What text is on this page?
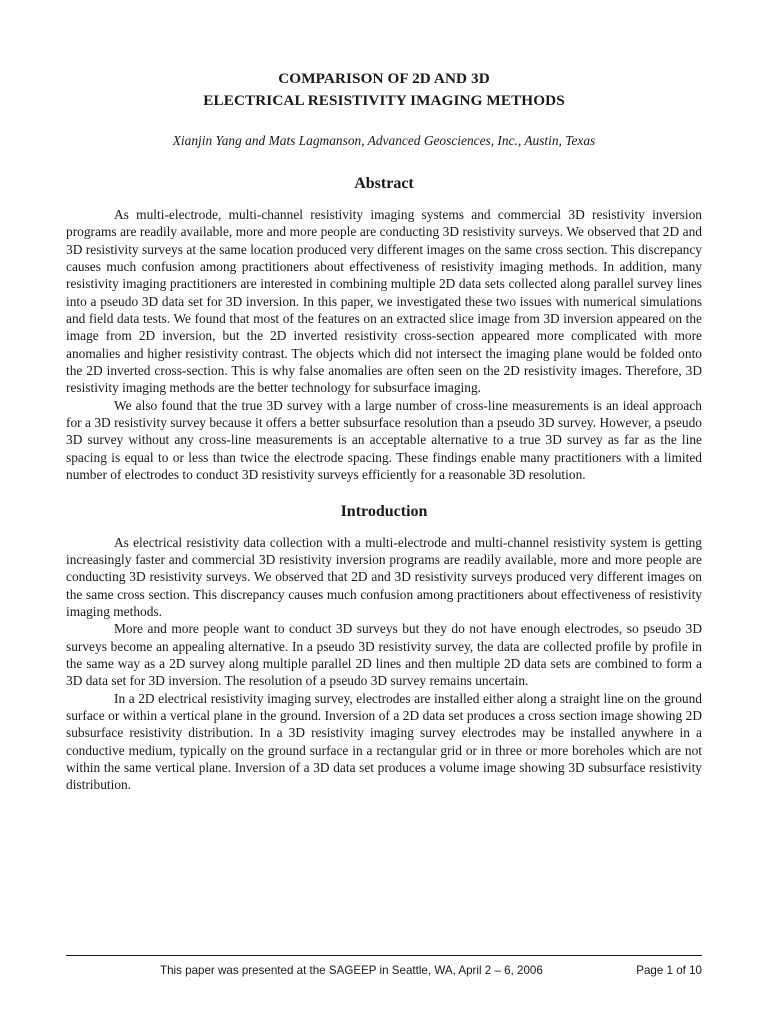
COMPARISON OF 2D AND 3D
ELECTRICAL RESISTIVITY IMAGING METHODS
Xianjin Yang and Mats Lagmanson, Advanced Geosciences, Inc., Austin, Texas
Abstract

As multi-electrode, multi-channel resistivity imaging systems and commercial 3D resistivity inversion programs are readily available, more and more people are conducting 3D resistivity surveys. We observed that 2D and 3D resistivity surveys at the same location produced very different images on the same cross section. This discrepancy causes much confusion among practitioners about effectiveness of resistivity imaging methods. In addition, many resistivity imaging practitioners are interested in combining multiple 2D data sets collected along parallel survey lines into a pseudo 3D data set for 3D inversion. In this paper, we investigated these two issues with numerical simulations and field data tests. We found that most of the features on an extracted slice image from 3D inversion appeared on the image from 2D inversion, but the 2D inverted resistivity cross-section appeared more complicated with more anomalies and higher resistivity contrast. The objects which did not intersect the imaging plane would be folded onto the 2D inverted cross-section. This is why false anomalies are often seen on the 2D resistivity images. Therefore, 3D resistivity imaging methods are the better technology for subsurface imaging.

We also found that the true 3D survey with a large number of cross-line measurements is an ideal approach for a 3D resistivity survey because it offers a better subsurface resolution than a pseudo 3D survey. However, a pseudo 3D survey without any cross-line measurements is an acceptable alternative to a true 3D survey as far as the line spacing is equal to or less than twice the electrode spacing. These findings enable many practitioners with a limited number of electrodes to conduct 3D resistivity surveys efficiently for a reasonable 3D resolution.

Introduction

As electrical resistivity data collection with a multi-electrode and multi-channel resistivity system is getting increasingly faster and commercial 3D resistivity inversion programs are readily available, more and more people are conducting 3D resistivity surveys. We observed that 2D and 3D resistivity surveys produced very different images on the same cross section. This discrepancy causes much confusion among practitioners about effectiveness of resistivity imaging methods.

More and more people want to conduct 3D surveys but they do not have enough electrodes, so pseudo 3D surveys become an appealing alternative. In a pseudo 3D resistivity survey, the data are collected profile by profile in the same way as a 2D survey along multiple parallel 2D lines and then multiple 2D data sets are combined to form a 3D data set for 3D inversion. The resolution of a pseudo 3D survey remains uncertain.

In a 2D electrical resistivity imaging survey, electrodes are installed either along a straight line on the ground surface or within a vertical plane in the ground. Inversion of a 2D data set produces a cross section image showing 2D subsurface resistivity distribution. In a 3D resistivity imaging survey electrodes may be installed anywhere in a conductive medium, typically on the ground surface in a rectangular grid or in three or more boreholes which are not within the same vertical plane. Inversion of a 3D data set produces a volume image showing 3D subsurface resistivity distribution.

This paper was presented at the SAGEEP in Seattle, WA, April 2 – 6, 2006	Page 1 of 10
